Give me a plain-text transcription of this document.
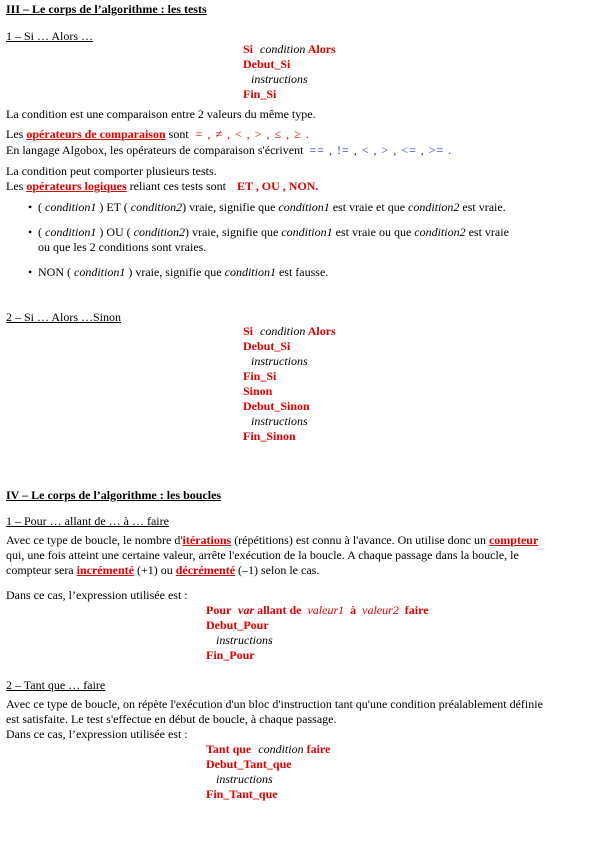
III – Le corps de l’algorithme : les tests
1 – Si … Alors …
Si condition Alors
Debut_Si
instructions
Fin_Si
La condition est une comparaison entre 2 valeurs du même type.
Les opérateurs de comparaison sont = , ≠ , < , > , ≤ , ≥ .
En langage Algobox, les opérateurs de comparaison s'écrivent == , != , < , > , <= , >= .
La condition peut comporter plusieurs tests.
Les opérateurs logiques reliant ces tests sont ET , OU , NON.
• ( condition1 ) ET ( condition2) vraie, signifie que condition1 est vraie et que condition2 est vraie.
• ( condition1 ) OU ( condition2) vraie, signifie que condition1 est vraie ou que condition2 est vraie
ou que les 2 conditions sont vraies.
• NON ( condition1 ) vraie, signifie que condition1 est fausse.
2 – Si … Alors …Sinon
Si condition Alors
Debut_Si
instructions
Fin_Si
Sinon
Debut_Sinon
instructions
Fin_Sinon
IV – Le corps de l’algorithme : les boucles
1 – Pour … allant de … à … faire
Avec ce type de boucle, le nombre d'itérations (répétitions) est connu à l'avance. On utilise donc un compteur
qui, une fois atteint une certaine valeur, arrête l'exécution de la boucle. A chaque passage dans la boucle, le
compteur sera incrémenté (+1) ou décrémenté (–1) selon le cas.
Dans ce cas, l’expression utilisée est :
Pour var allant de valeur1 à valeur2 faire
Debut_Pour
instructions
Fin_Pour
2 – Tant que … faire
Avec ce type de boucle, on répète l'exécution d'un bloc d'instruction tant qu'une condition préalablement définie
est satisfaite. Le test s'effectue en début de boucle, à chaque passage.
Dans ce cas, l’expression utilisée est :
Tant que condition faire
Debut_Tant_que
instructions
Fin_Tant_que
